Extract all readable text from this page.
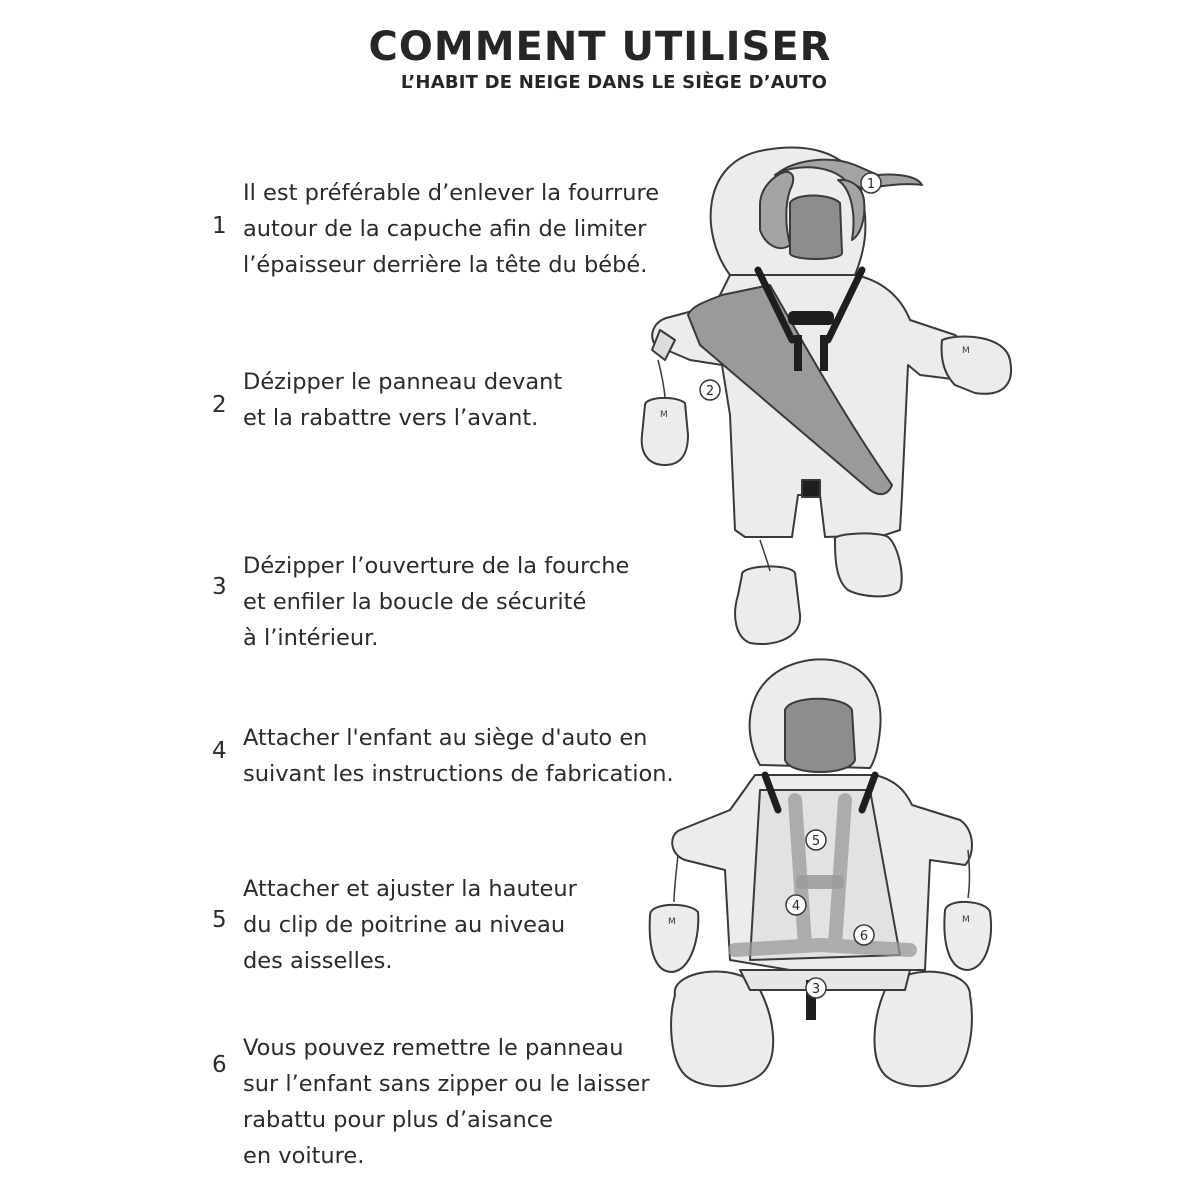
COMMENT UTILISER
L’HABIT DE NEIGE DANS LE SIÈGE D’AUTO
1
Il est préférable d’enlever la fourrure
autour de la capuche afin de limiter
l’épaisseur derrière la tête du bébé.
2
Dézipper le panneau devant
et la rabattre vers l’avant.
3
Dézipper l’ouverture de la fourche
et enfiler la boucle de sécurité
à l’intérieur.
4 Attacher l'enfant au siège d'auto en
suivant les instructions de fabrication.
5
Attacher et ajuster la hauteur
du clip de poitrine au niveau
des aisselles.
6
Vous pouvez remettre le panneau
sur l’enfant sans zipper ou le laisser
rabattu pour plus d’aisance
en voiture.
M
M
1
2
M	M
5
4
6
3
